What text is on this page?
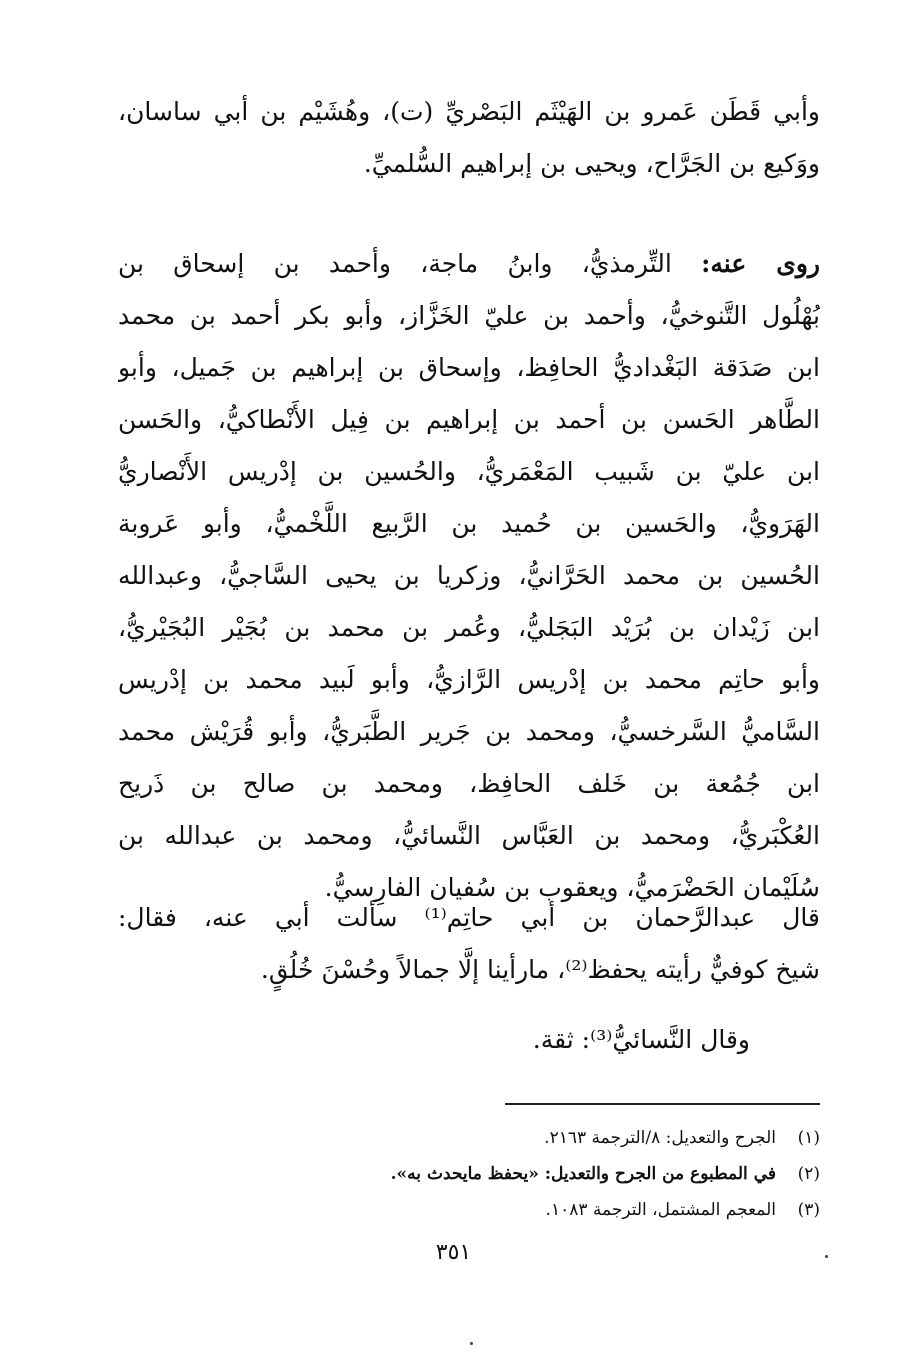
وأبي قَطَن عَمرو بن الهَيْثَم البَصْريِّ (ت)، وهُشَيْم بن أبي ساسان،
ووَكيع بن الجَرَّاح، ويحيى بن إبراهيم السُّلميِّ.
روى عنه: التِّرمذيُّ، وابنُ ماجة، وأحمد بن إسحاق بن
بُهْلُول التَّنوخيُّ، وأحمد بن عليّ الخَزَّاز، وأبو بكر أحمد بن محمد
ابن صَدَقة البَغْداديُّ الحافِظ، وإسحاق بن إبراهيم بن جَميل، وأبو
الطَّاهر الحَسن بن أحمد بن إبراهيم بن فِيل الأَنْطاكيُّ، والحَسن
ابن عليّ بن شَبيب المَعْمَريُّ، والحُسين بن إدْريس الأَنْصاريُّ
الهَرَويُّ، والحَسين بن حُميد بن الرَّبيع اللَّخْميُّ، وأبو عَروبة
الحُسين بن محمد الحَرَّانيُّ، وزكريا بن يحيى السَّاجيُّ، وعبدالله
ابن زَيْدان بن بُرَيْد البَجَليُّ، وعُمر بن محمد بن بُجَيْر البُجَيْريُّ،
وأبو حاتِم محمد بن إدْريس الرَّازيُّ، وأبو لَبيد محمد بن إدْريس
السَّاميُّ السَّرخسيُّ، ومحمد بن جَرير الطَّبَريُّ، وأبو قُرَيْش محمد
ابن جُمُعة بن خَلف الحافِظ، ومحمد بن صالح بن ذَريح
العُكْبَريُّ، ومحمد بن العَبَّاس النَّسائيُّ، ومحمد بن عبدالله بن
سُلَيْمان الحَضْرَميُّ، ويعقوب بن سُفيان الفارِسيُّ.
قال عبدالرَّحمان بن أبي حاتِم⁽¹⁾ سألت أبي عنه، فقال:
شيخ كوفيٌّ رأيته يحفظ⁽²⁾، مارأينا إلَّا جمالاً وحُسْنَ خُلُقٍ.
وقال النَّسائيُّ⁽³⁾: ثقة.
(١)الجرح والتعديل: ٨/الترجمة ٢١٦٣.
(٢)في المطبوع من الجرح والتعديل: «يحفظ مايحدث به».
(٣)المعجم المشتمل، الترجمة ١٠٨٣.
٣٥١
